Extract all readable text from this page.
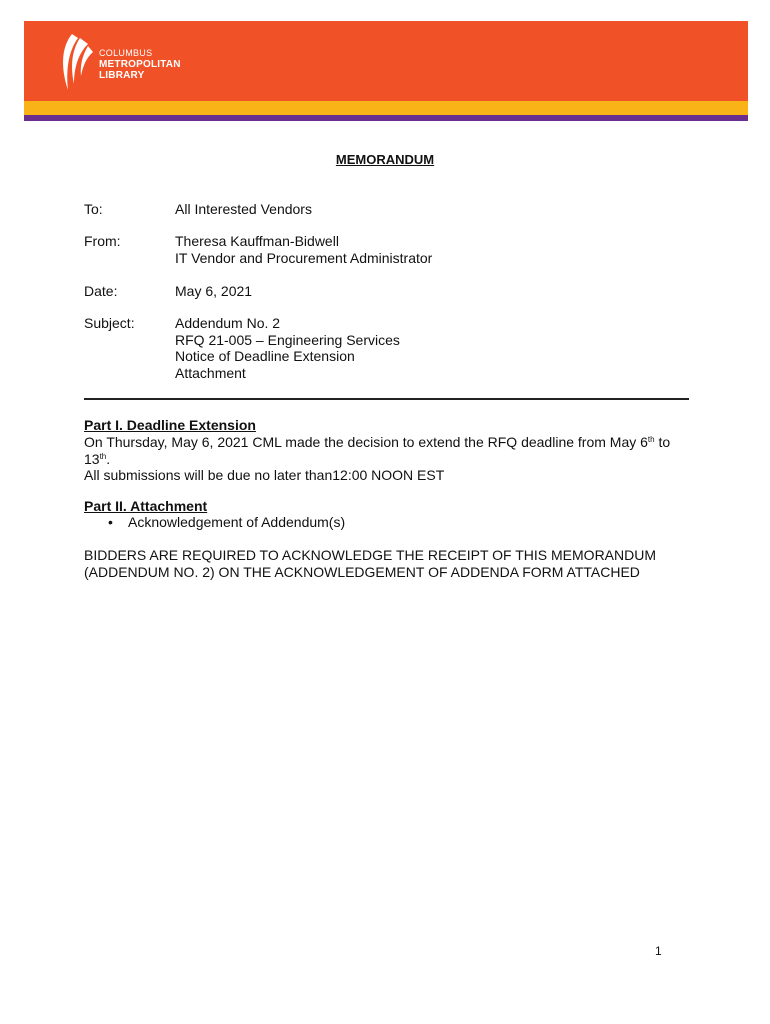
COLUMBUS
METROPOLITAN
LIBRARY
MEMORANDUM
To:	All Interested Vendors
From:	Theresa Kauffman-Bidwell
IT Vendor and Procurement Administrator
Date:	May 6, 2021
Subject:	Addendum No. 2
RFQ 21-005 – Engineering Services
Notice of Deadline Extension
Attachment
Part I. Deadline Extension
On Thursday, May 6, 2021 CML made the decision to extend the RFQ deadline from May 6th to
13th.
All submissions will be due no later than12:00 NOON EST
Part II. Attachment
• Acknowledgement of Addendum(s)
BIDDERS ARE REQUIRED TO ACKNOWLEDGE THE RECEIPT OF THIS MEMORANDUM
(ADDENDUM NO. 2) ON THE ACKNOWLEDGEMENT OF ADDENDA FORM ATTACHED
1
